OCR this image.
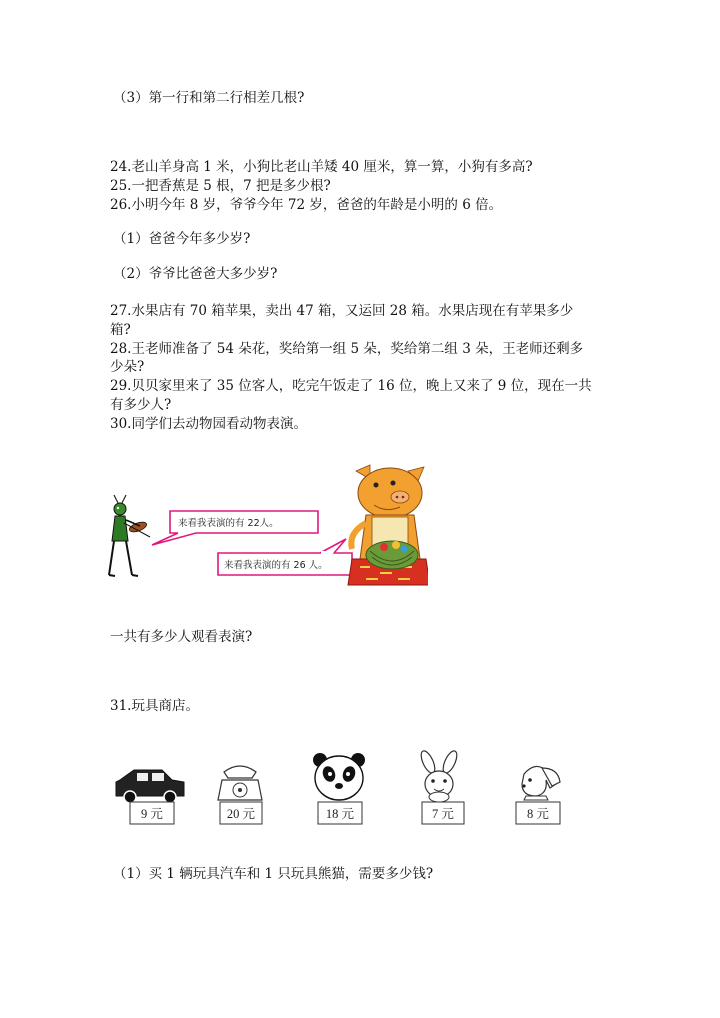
（3）第一行和第二行相差几根?
24.老山羊身高 1 米，小狗比老山羊矮 40 厘米，算一算，小狗有多高?
25.一把香蕉是 5 根，7 把是多少根?
26.小明今年 8 岁，爷爷今年 72 岁，爸爸的年龄是小明的 6 倍。
（1）爸爸今年多少岁?
（2）爷爷比爸爸大多少岁?
27.水果店有 70 箱苹果，卖出 47 箱，又运回 28 箱。水果店现在有苹果多少
箱?
28.王老师准备了 54 朵花，奖给第一组 5 朵，奖给第二组 3 朵，王老师还剩多
少朵?
29.贝贝家里来了 35 位客人，吃完午饭走了 16 位，晚上又来了 9 位，现在一共
有多少人?
30.同学们去动物园看动物表演。
来看我表演的有 22人。
来看我表演的有 26 人。
一共有多少人观看表演?
31.玩具商店。
9 元	20 元	18 元	7 元	8 元
（1）买 1 辆玩具汽车和 1 只玩具熊猫，需要多少钱?
